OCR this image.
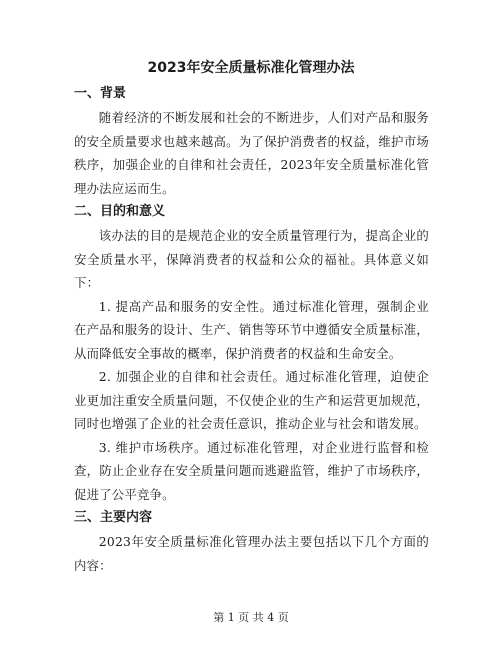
2023年安全质量标准化管理办法
一、背景

随着经济的不断发展和社会的不断进步，人们对产品和服务的安全质量要求也越来越高。为了保护消费者的权益，维护市场秩序，加强企业的自律和社会责任，2023年安全质量标准化管理办法应运而生。

二、目的和意义

该办法的目的是规范企业的安全质量管理行为，提高企业的安全质量水平，保障消费者的权益和公众的福祉。具体意义如下：

1. 提高产品和服务的安全性。通过标准化管理，强制企业在产品和服务的设计、生产、销售等环节中遵循安全质量标准，从而降低安全事故的概率，保护消费者的权益和生命安全。

2. 加强企业的自律和社会责任。通过标准化管理，迫使企业更加注重安全质量问题，不仅使企业的生产和运营更加规范，同时也增强了企业的社会责任意识，推动企业与社会和谐发展。

3. 维护市场秩序。通过标准化管理，对企业进行监督和检查，防止企业存在安全质量问题而逃避监管，维护了市场秩序，促进了公平竞争。

三、主要内容

2023年安全质量标准化管理办法主要包括以下几个方面的内容：

第 1 页 共 4 页
